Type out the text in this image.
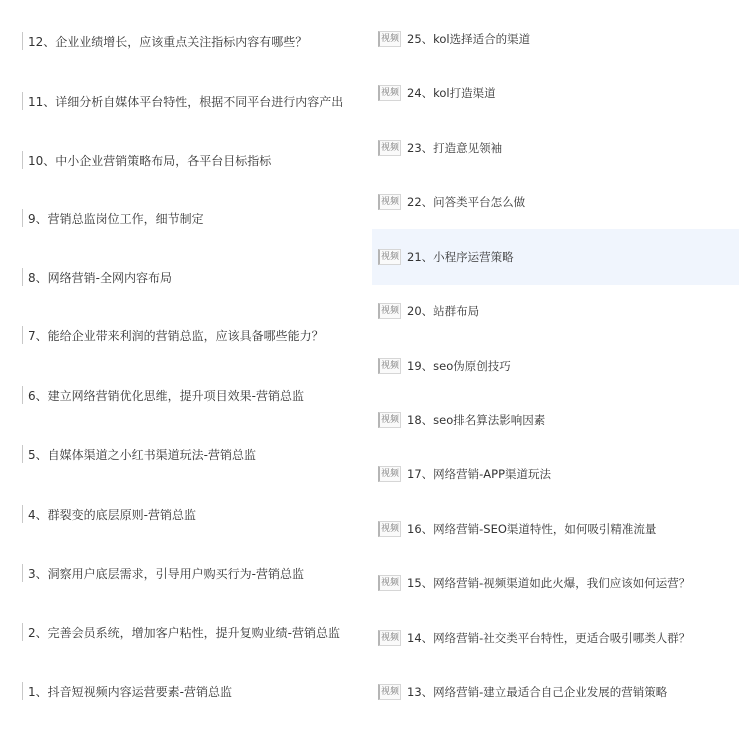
12、企业业绩增长，应该重点关注指标内容有哪些？
11、详细分析自媒体平台特性，根据不同平台进行内容产出
10、中小企业营销策略布局，各平台目标指标
9、营销总监岗位工作，细节制定
8、网络营销-全网内容布局
7、能给企业带来利润的营销总监，应该具备哪些能力？
6、建立网络营销优化思维，提升项目效果-营销总监
5、自媒体渠道之小红书渠道玩法-营销总监
4、群裂变的底层原则-营销总监
3、洞察用户底层需求，引导用户购买行为-营销总监
2、完善会员系统，增加客户粘性，提升复购业绩-营销总监
1、抖音短视频内容运营要素-营销总监
视频 25、kol选择适合的渠道
视频 24、kol打造渠道
视频 23、打造意见领袖
视频 22、问答类平台怎么做
视频 21、小程序运营策略
视频 20、站群布局
视频 19、seo伪原创技巧
视频 18、seo排名算法影响因素
视频 17、网络营销-APP渠道玩法
视频 16、网络营销-SEO渠道特性，如何吸引精准流量
视频 15、网络营销-视频渠道如此火爆，我们应该如何运营？
视频 14、网络营销-社交类平台特性，更适合吸引哪类人群？
视频 13、网络营销-建立最适合自己企业发展的营销策略
